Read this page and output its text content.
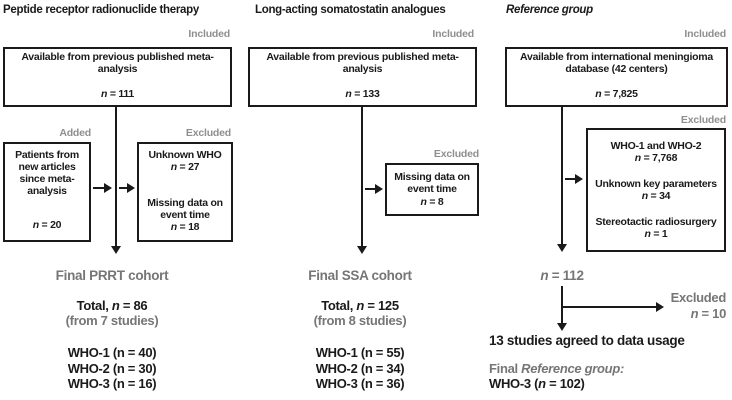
Peptide receptor radionuclide therapy
Included
Available from previous published meta-analysis
n = 111
Added
Patients from new articles since meta-analysis
n = 20
Excluded
Unknown WHO
n = 27
Missing data on event time
n = 18
Final PRRT cohort
Total, n = 86
(from 7 studies)
WHO-1 (n = 40)
WHO-2 (n = 30)
WHO-3 (n = 16)
Long-acting somatostatin analogues
Included
Available from previous published meta-analysis
n = 133
Excluded
Missing data on event time
n = 8
Final SSA cohort
Total, n = 125
(from 8 studies)
WHO-1 (n = 55)
WHO-2 (n = 34)
WHO-3 (n = 36)
Reference group
Included
Available from international meningioma database (42 centers)
n = 7,825
Excluded
WHO-1 and WHO-2
n = 7,768
Unknown key parameters
n = 34
Stereotactic radiosurgery
n = 1
n = 112
Excluded
n = 10
13 studies agreed to data usage
Final Reference group:
WHO-3 (n = 102)
